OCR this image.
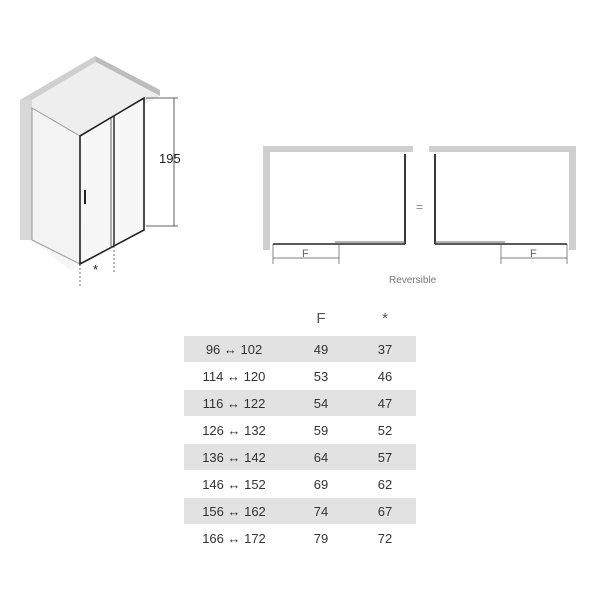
195
*
=
F	F
Reversible
	F	*
96 ↔ 102	49	37
114 ↔ 120	53	46
116 ↔ 122	54	47
126 ↔ 132	59	52
136 ↔ 142	64	57
146 ↔ 152	69	62
156 ↔ 162	74	67
166 ↔ 172	79	72
